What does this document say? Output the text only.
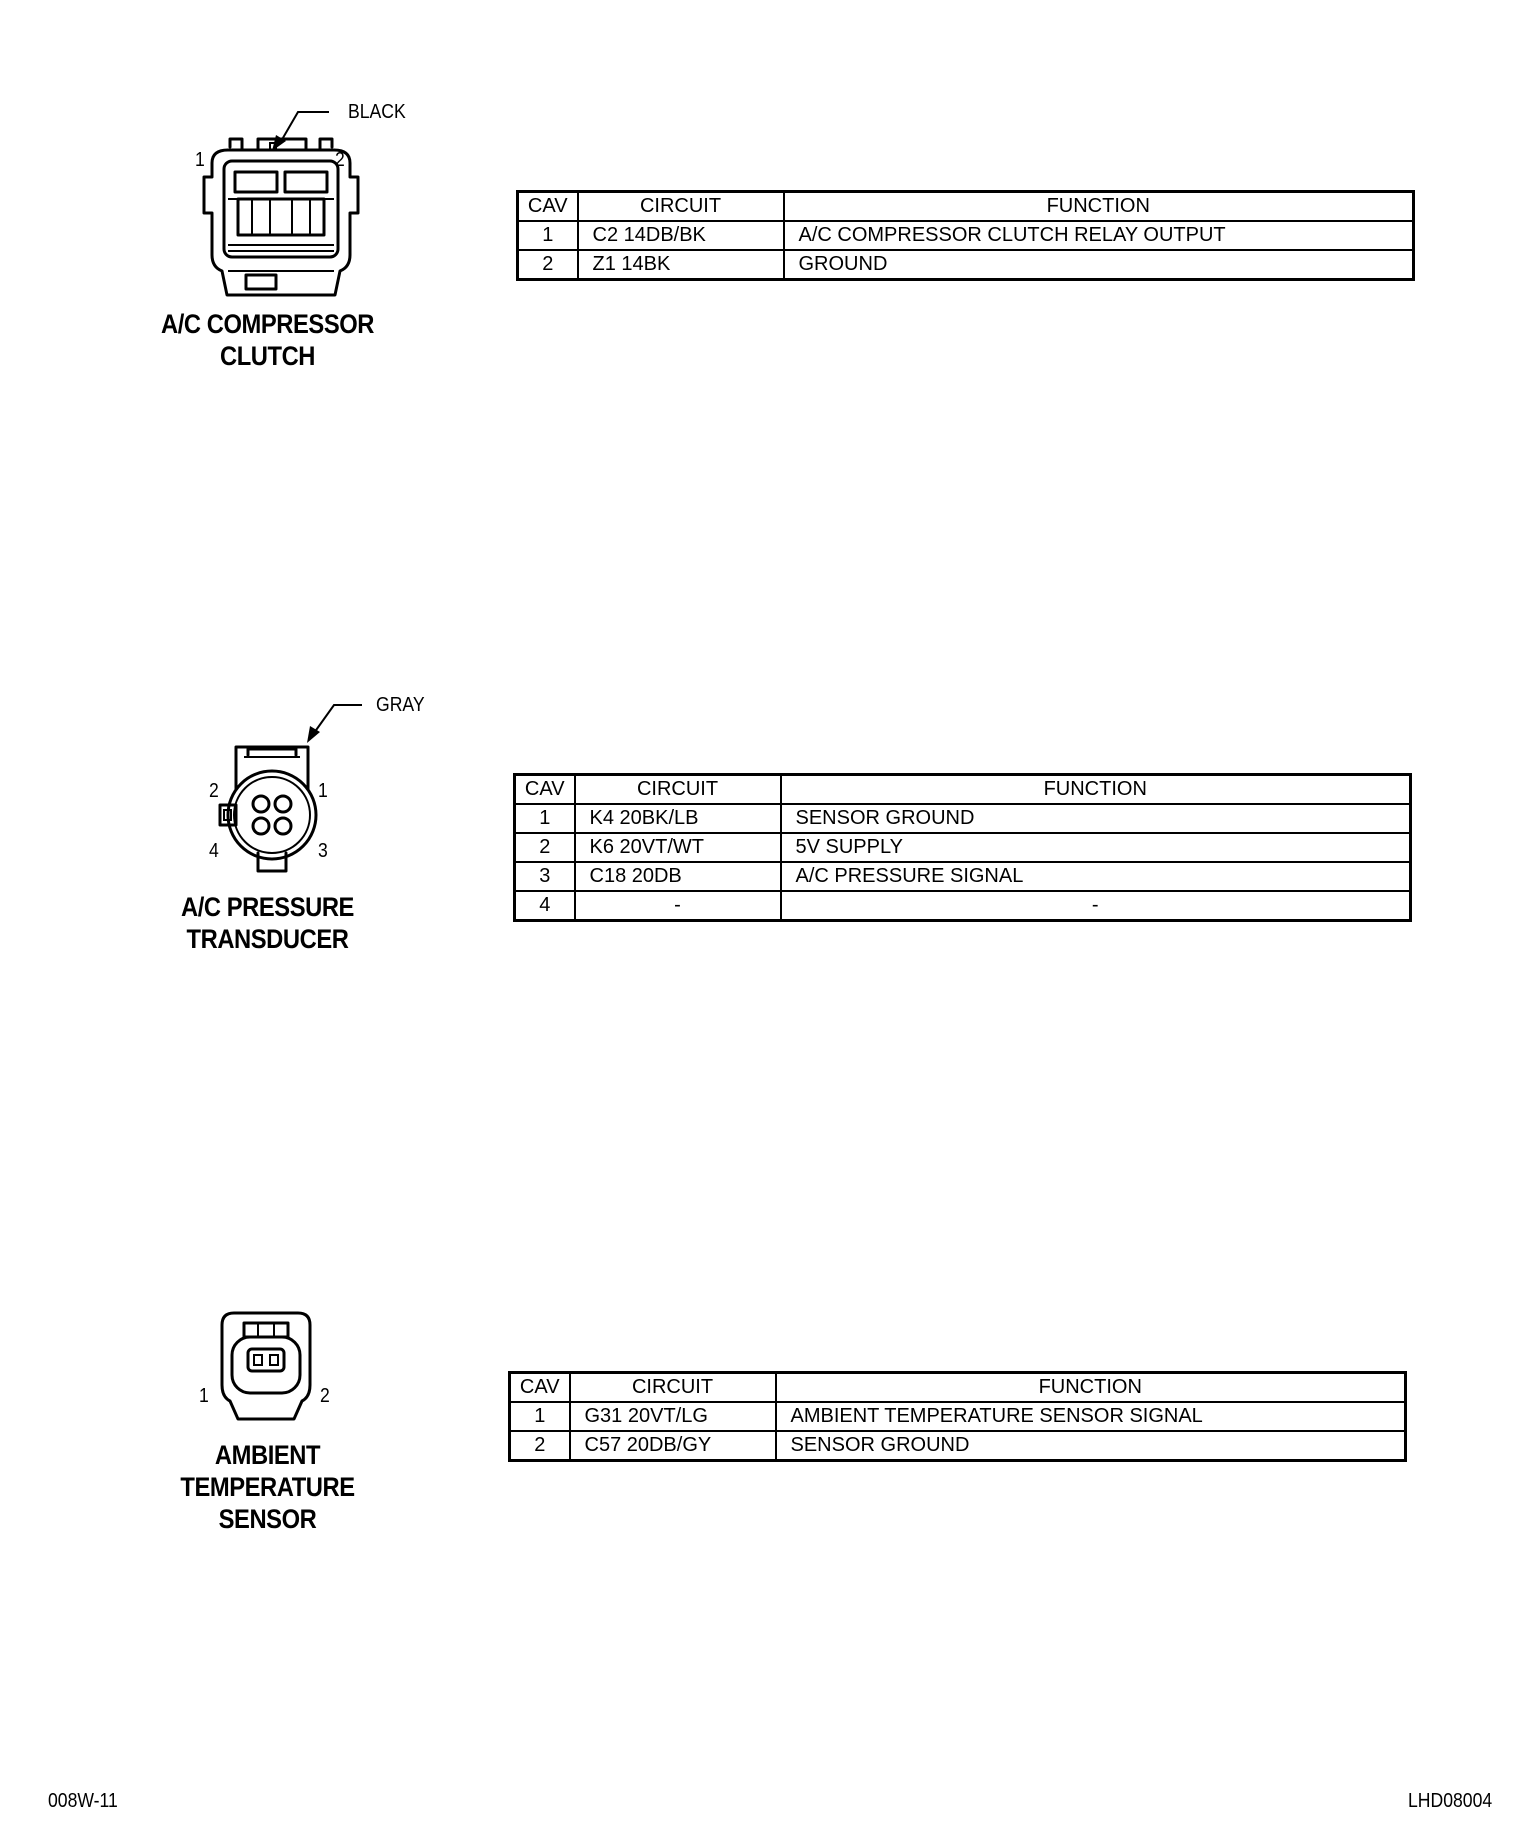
BLACK
1	2
A/C COMPRESSOR
CLUTCH
CAV	CIRCUIT	FUNCTION
1	C2 14DB/BK	A/C COMPRESSOR CLUTCH RELAY OUTPUT
2	Z1 14BK	GROUND
GRAY
2	1
4	3
A/C PRESSURE
TRANSDUCER
CAV	CIRCUIT	FUNCTION
1	K4 20BK/LB	SENSOR GROUND
2	K6 20VT/WT	5V SUPPLY
3	C18 20DB	A/C PRESSURE SIGNAL
4	-	-
1	2
AMBIENT
TEMPERATURE
SENSOR
CAV	CIRCUIT	FUNCTION
1	G31 20VT/LG	AMBIENT TEMPERATURE SENSOR SIGNAL
2	C57 20DB/GY	SENSOR GROUND
008W-11	LHD08004
